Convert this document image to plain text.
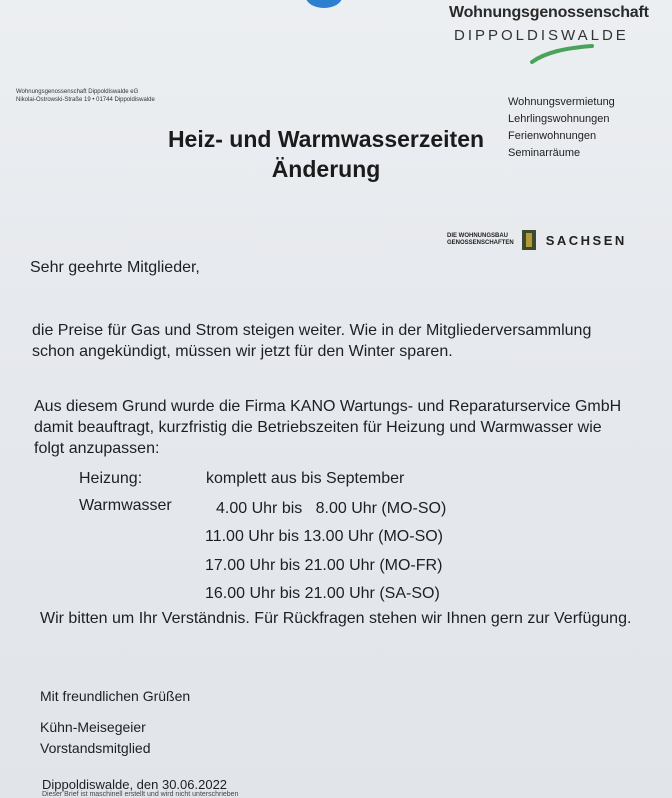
Wohnungsgenossenschaft
DIPPOLDISWALDE
Wohnungsgenossenschaft Dippoldiswalde eG
Nikolai-Ostrowski-Straße 19 • 01744 Dippoldiswalde	Wohnungsvermietung
Lehrlingswohnungen
Ferienwohnungen
Seminarräume
Heiz- und Warmwasserzeiten
Änderung
DIE WOHNUNGSBAU
GENOSSENSCHAFTEN SACHSEN
Sehr geehrte Mitglieder,
die Preise für Gas und Strom steigen weiter. Wie in der Mitgliederversammlung schon angekündigt, müssen wir jetzt für den Winter sparen.
Aus diesem Grund wurde die Firma KANO Wartungs- und Reparaturservice GmbH damit beauftragt, kurzfristig die Betriebszeiten für Heizung und Warmwasser wie folgt anzupassen:
Heizung:	komplett aus bis September
Warmwasser	4.00 Uhr bis   8.00 Uhr (MO-SO)
11.00 Uhr bis 13.00 Uhr (MO-SO)
17.00 Uhr bis 21.00 Uhr (MO-FR)
16.00 Uhr bis 21.00 Uhr (SA-SO)
Wir bitten um Ihr Verständnis. Für Rückfragen stehen wir Ihnen gern zur Verfügung.
Mit freundlichen Grüßen
Kühn-Meisegeier
Vorstandsmitglied
Dippoldiswalde, den 30.06.2022
Dieser Brief ist maschinell erstellt und wird nicht unterschrieben
